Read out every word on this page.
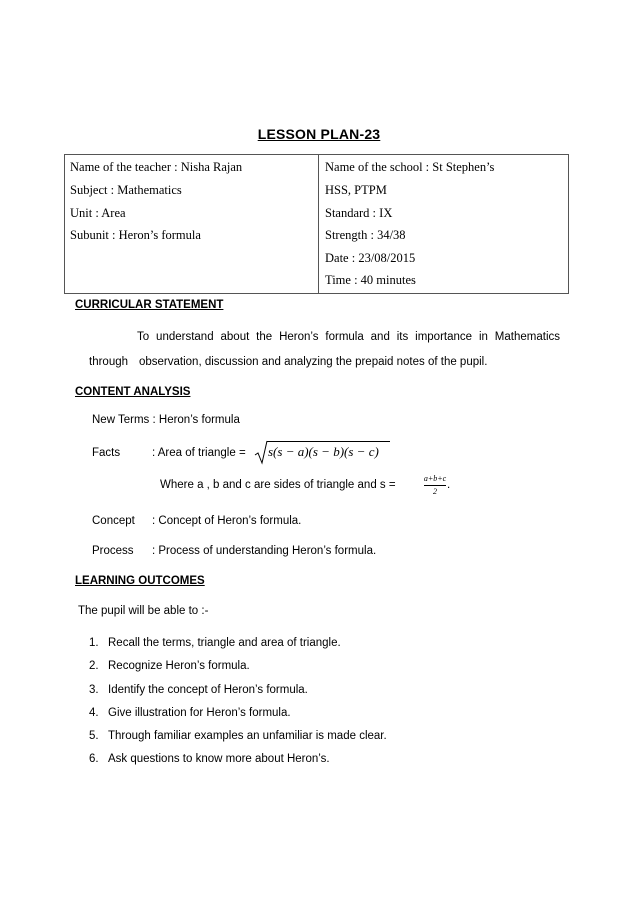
LESSON PLAN-23
Name of the teacher : Nisha Rajan
Subject : Mathematics
Unit : Area
Subunit : Heron’s formula
Name of the school : St Stephen’s
HSS, PTPM
Standard : IX
Strength : 34/38
Date : 23/08/2015
Time : 40 minutes
CURRICULAR STATEMENT
To understand about the Heron’s formula and its importance in Mathematics
through observation, discussion and analyzing the prepaid notes of the pupil.
CONTENT ANALYSIS
New Terms : Heron’s formula
Facts	: Area of triangle = s(s − a)(s − b)(s − c)
Where a , b and c are sides of triangle and s =
a+b+c
2
.
Concept : Concept of Heron’s formula.
Process : Process of understanding Heron’s formula.
LEARNING OUTCOMES
The pupil will be able to :-
1. Recall the terms, triangle and area of triangle.
2. Recognize Heron’s formula.
3. Identify the concept of Heron’s formula.
4. Give illustration for Heron’s formula.
5. Through familiar examples an unfamiliar is made clear.
6. Ask questions to know more about Heron’s.
